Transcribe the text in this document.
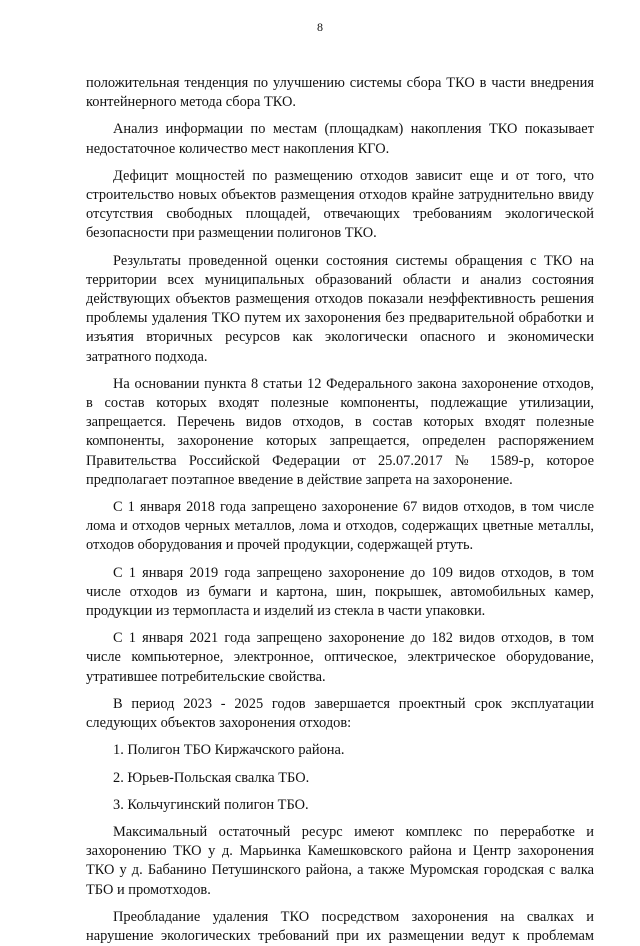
8

положительная тенденция по улучшению системы сбора ТКО в части внедрения контейнерного метода сбора ТКО.

Анализ информации по местам (площадкам) накопления ТКО показывает недостаточное количество мест накопления КГО.

Дефицит мощностей по размещению отходов зависит еще и от того, что строительство новых объектов размещения отходов крайне затруднительно ввиду отсутствия свободных площадей, отвечающих требованиям экологической безопасности при размещении полигонов ТКО.

Результаты проведенной оценки состояния системы обращения с ТКО на территории всех муниципальных образований области и анализ состояния действующих объектов размещения отходов показали неэффективность решения проблемы удаления ТКО путем их захоронения без предварительной обработки и изъятия вторичных ресурсов как экологически опасного и экономически затратного подхода.

На основании пункта 8 статьи 12 Федерального закона захоронение отходов, в состав которых входят полезные компоненты, подлежащие утилизации, запрещается. Перечень видов отходов, в состав которых входят полезные компоненты, захоронение которых запрещается, определен распоряжением Правительства Российской Федерации от 25.07.2017 № 1589-р, которое предполагает поэтапное введение в действие запрета на захоронение.

С 1 января 2018 года запрещено захоронение 67 видов отходов, в том числе лома и отходов черных металлов, лома и отходов, содержащих цветные металлы, отходов оборудования и прочей продукции, содержащей ртуть.

С 1 января 2019 года запрещено захоронение до 109 видов отходов, в том числе отходов из бумаги и картона, шин, покрышек, автомобильных камер, продукции из термопласта и изделий из стекла в части упаковки.

С 1 января 2021 года запрещено захоронение до 182 видов отходов, в том числе компьютерное, электронное, оптическое, электрическое оборудование, утратившее потребительские свойства.

В период 2023 - 2025 годов завершается проектный срок эксплуатации следующих объектов захоронения отходов:

1. Полигон ТБО Киржачского района.
2. Юрьев-Польская свалка ТБО.
3. Кольчугинский полигон ТБО.

Максимальный остаточный ресурс имеют комплекс по переработке и захоронению ТКО у д. Марьинка Камешковского района и Центр захоронения ТКО у д. Бабанино Петушинского района, а также Муромская городская с валка ТБО и промотходов.

Преобладание удаления ТКО посредством захоронения на свалках и нарушение экологических требований при их размещении ведут к проблемам
